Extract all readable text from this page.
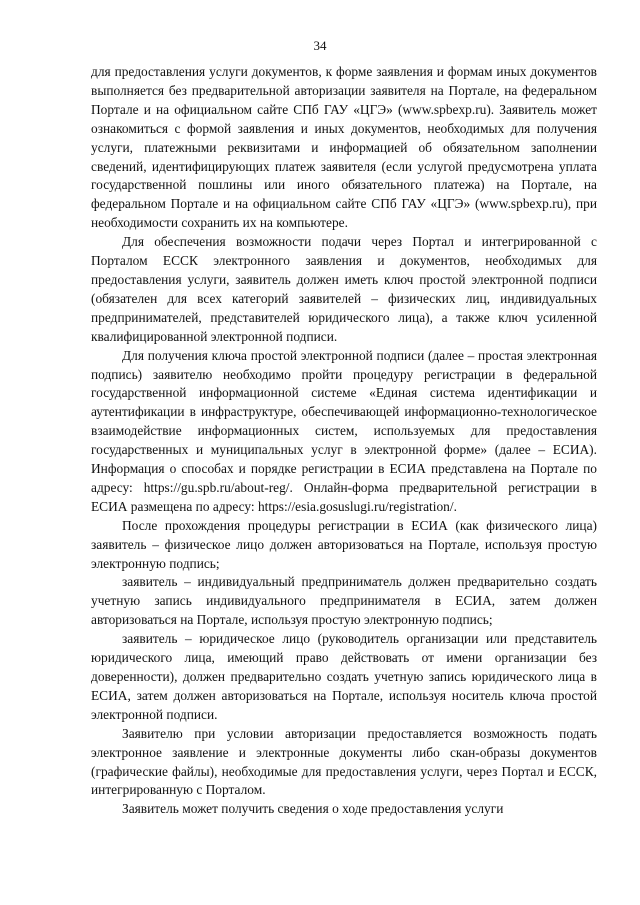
34

для предоставления услуги документов, к форме заявления и формам иных документов выполняется без предварительной авторизации заявителя на Портале, на федеральном Портале и на официальном сайте СПб ГАУ «ЦГЭ» (www.spbexp.ru). Заявитель может ознакомиться с формой заявления и иных документов, необходимых для получения услуги, платежными реквизитами и информацией об обязательном заполнении сведений, идентифицирующих платеж заявителя (если услугой предусмотрена уплата государственной пошлины или иного обязательного платежа) на Портале, на федеральном Портале и на официальном сайте СПб ГАУ «ЦГЭ» (www.spbexp.ru), при необходимости сохранить их на компьютере.

Для обеспечения возможности подачи через Портал и интегрированной с Порталом ЕССК электронного заявления и документов, необходимых для предоставления услуги, заявитель должен иметь ключ простой электронной подписи (обязателен для всех категорий заявителей – физических лиц, индивидуальных предпринимателей, представителей юридического лица), а также ключ усиленной квалифицированной электронной подписи.

Для получения ключа простой электронной подписи (далее – простая электронная подпись) заявителю необходимо пройти процедуру регистрации в федеральной государственной информационной системе «Единая система идентификации и аутентификации в инфраструктуре, обеспечивающей информационно-технологическое взаимодействие информационных систем, используемых для предоставления государственных и муниципальных услуг в электронной форме» (далее – ЕСИА). Информация о способах и порядке регистрации в ЕСИА представлена на Портале по адресу: https://gu.spb.ru/about-reg/. Онлайн-форма предварительной регистрации в ЕСИА размещена по адресу: https://esia.gosuslugi.ru/registration/.

После прохождения процедуры регистрации в ЕСИА (как физического лица) заявитель – физическое лицо должен авторизоваться на Портале, используя простую электронную подпись;

заявитель – индивидуальный предприниматель должен предварительно создать учетную запись индивидуального предпринимателя в ЕСИА, затем должен авторизоваться на Портале, используя простую электронную подпись;

заявитель – юридическое лицо (руководитель организации или представитель юридического лица, имеющий право действовать от имени организации без доверенности), должен предварительно создать учетную запись юридического лица в ЕСИА, затем должен авторизоваться на Портале, используя носитель ключа простой электронной подписи.

Заявителю при условии авторизации предоставляется возможность подать электронное заявление и электронные документы либо скан-образы документов (графические файлы), необходимые для предоставления услуги, через Портал и ЕССК, интегрированную с Порталом.

Заявитель может получить сведения о ходе предоставления услуги
